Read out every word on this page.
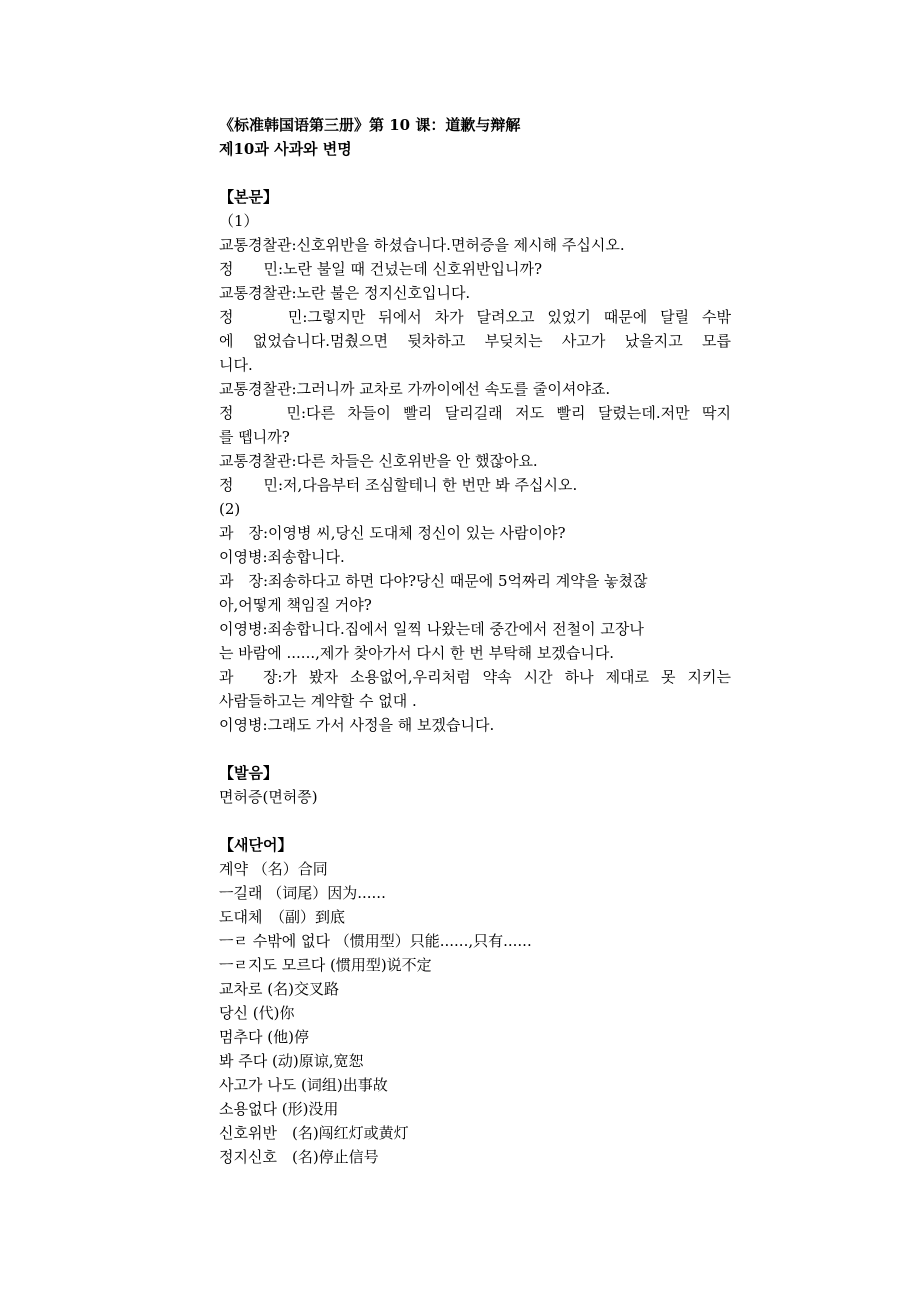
《标准韩国语第三册》第 10 课：道歉与辩解
제10과 사과와 변명
【본문】
（1）
교통경찰관:신호위반을 하셨습니다.면허증을 제시해 주십시오.
정　　민:노란 불일 때 건넜는데 신호위반입니까?
교통경찰관:노란 불은 정지신호입니다.
정　　민:그렇지만 뒤에서 차가 달려오고 있었기 때문에 달릴 수밖
에 없었습니다.멈췄으면 뒷차하고 부딪치는 사고가 났을지고 모릅
니다.
교통경찰관:그러니까 교차로 가까이에선 속도를 줄이셔야죠.
정　　민:다른 차들이 빨리 달리길래 저도 빨리 달렸는데.저만 딱지
를 뗍니까?
교통경찰관:다른 차들은 신호위반을 안 했잖아요.
정　　민:저,다음부터 조심할테니 한 번만 봐 주십시오.
(2)
과　장:이영병 씨,당신 도대체 정신이 있는 사람이야?
이영병:죄송합니다.
과　장:죄송하다고 하면 다야?당신 때문에 5억짜리 계약을 놓쳤잖
아,어떻게 책임질 거야?
이영병:죄송합니다.집에서 일찍 나왔는데 중간에서 전철이 고장나
는 바람에 ......,제가 찾아가서 다시 한 번 부탁해 보겠습니다.
과　장:가 봤자 소용없어,우리처럼 약속 시간 하나 제대로 못 지키는
사람들하고는 계약할 수 없대 .
이영병:그래도 가서 사정을 해 보겠습니다.
【발음】
면허증(면허쯩)
【새단어】
계약 （名）合同
ㅡ길래 （词尾）因为......
도대체　（副）到底
ㅡㄹ 수밖에 없다 （惯用型）只能......,只有......
ㅡㄹ지도 모르다 (惯用型)说不定
교차로 (名)交叉路
당신 (代)你
멈추다 (他)停
봐 주다 (动)原谅,宽恕
사고가 나도 (词组)出事故
소용없다 (形)没用
신호위반　(名)闯红灯或黄灯
정지신호　(名)停止信号
